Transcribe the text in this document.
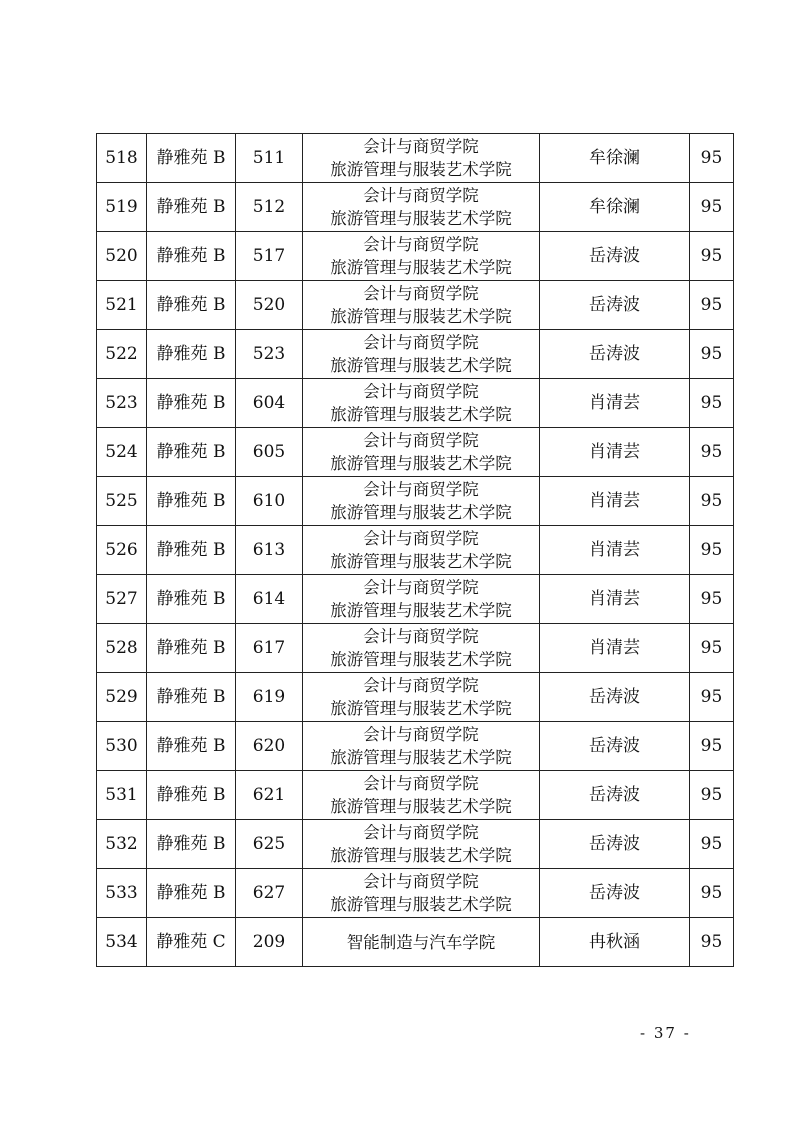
518	静雅苑 B	511	会计与商贸学院
旅游管理与服装艺术学院	牟徐澜	95
519	静雅苑 B	512	会计与商贸学院
旅游管理与服装艺术学院	牟徐澜	95
520	静雅苑 B	517	会计与商贸学院
旅游管理与服装艺术学院	岳涛波	95
521	静雅苑 B	520	会计与商贸学院
旅游管理与服装艺术学院	岳涛波	95
522	静雅苑 B	523	会计与商贸学院
旅游管理与服装艺术学院	岳涛波	95
523	静雅苑 B	604	会计与商贸学院
旅游管理与服装艺术学院	肖清芸	95
524	静雅苑 B	605	会计与商贸学院
旅游管理与服装艺术学院	肖清芸	95
525	静雅苑 B	610	会计与商贸学院
旅游管理与服装艺术学院	肖清芸	95
526	静雅苑 B	613	会计与商贸学院
旅游管理与服装艺术学院	肖清芸	95
527	静雅苑 B	614	会计与商贸学院
旅游管理与服装艺术学院	肖清芸	95
528	静雅苑 B	617	会计与商贸学院
旅游管理与服装艺术学院	肖清芸	95
529	静雅苑 B	619	会计与商贸学院
旅游管理与服装艺术学院	岳涛波	95
530	静雅苑 B	620	会计与商贸学院
旅游管理与服装艺术学院	岳涛波	95
531	静雅苑 B	621	会计与商贸学院
旅游管理与服装艺术学院	岳涛波	95
532	静雅苑 B	625	会计与商贸学院
旅游管理与服装艺术学院	岳涛波	95
533	静雅苑 B	627	会计与商贸学院
旅游管理与服装艺术学院	岳涛波	95
534	静雅苑 C	209	智能制造与汽车学院	冉秋涵	95
- 37 -
